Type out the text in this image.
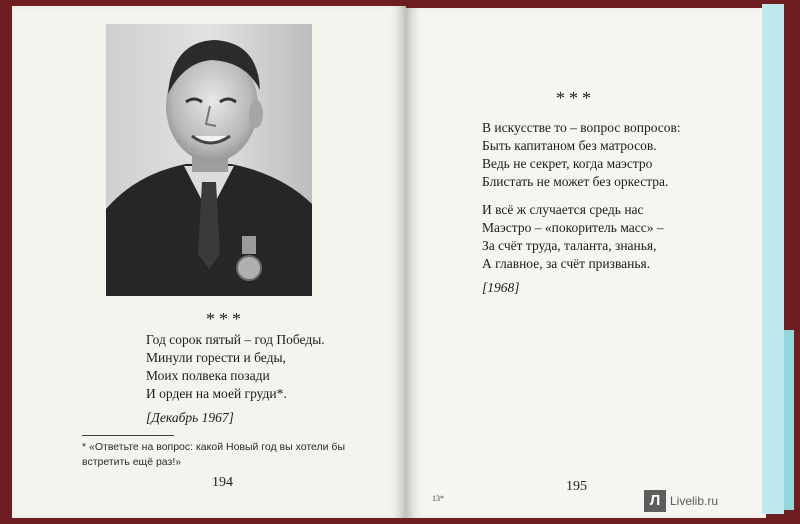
***
Год сорок пятый – год Победы.
Минули горести и беды,
Моих полвека позади
И орден на моей груди*.
[Декабрь 1967]
* «Ответьте на вопрос: какой Новый год вы хотели бы встретить ещё раз!»
194
***
В искусстве то – вопрос вопросов:
Быть капитаном без матросов.
Ведь не секрет, когда маэстро
Блистать не может без оркестра.
И всё ж случается средь нас
Маэстро – «покоритель масс» –
За счёт труда, таланта, знанья,
А главное, за счёт призванья.
[1968]
13*
195
Л Livelib.ru
